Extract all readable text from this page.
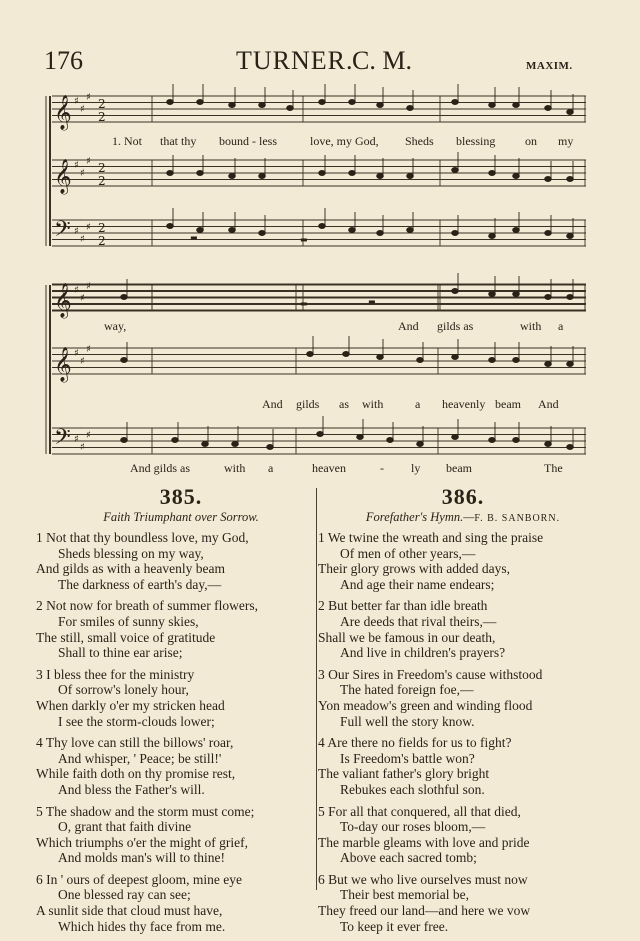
176	TURNER.
C. M.	MAXIM.
𝄞
𝄞
𝄞
𝄞
𝄢
𝄢
♯
♯
♯
♯
♯
♯
♯
♯
♯
♯
♯
♯
♯
♯
♯
♯
♯
♯
2
2
2
2
2
2	▬
▬
▬
▬
1. Not that thy bound - less	love, my God, Sheds blessing on my
way,	And gilds as	with a
And gilds as with	a heavenly beam And
And gilds as	with a	heaven	- ly beam	The
385.
Faith Triumphant over Sorrow.
1 Not that thy boundless love, my God,
Sheds blessing on my way,
And gilds as with a heavenly beam
The darkness of earth's day,—
2 Not now for breath of summer flowers,
For smiles of sunny skies,
The still, small voice of gratitude
Shall to thine ear arise;
3 I bless thee for the ministry
Of sorrow's lonely hour,
When darkly o'er my stricken head
I see the storm-clouds lower;
4 Thy love can still the billows' roar,
And whisper, ' Peace; be still!'
While faith doth on thy promise rest,
And bless the Father's will.
5 The shadow and the storm must come;
O, grant that faith divine
Which triumphs o'er the might of grief,
And molds man's will to thine!
6 In ' ours of deepest gloom, mine eye
One blessed ray can see;
A sunlit side that cloud must have,
Which hides thy face from me.
386.
Forefather's Hymn.—F. B. SANBORN.
1 We twine the wreath and sing the praise
Of men of other years,—
Their glory grows with added days,
And age their name endears;
2 But better far than idle breath
Are deeds that rival theirs,—
Shall we be famous in our death,
And live in children's prayers?
3 Our Sires in Freedom's cause withstood
The hated foreign foe,—
Yon meadow's green and winding flood
Full well the story know.
4 Are there no fields for us to fight?
Is Freedom's battle won?
The valiant father's glory bright
Rebukes each slothful son.
5 For all that conquered, all that died,
To-day our roses bloom,—
The marble gleams with love and pride
Above each sacred tomb;
6 But we who live ourselves must now
Their best memorial be,
They freed our land—and here we vow
To keep it ever free.
